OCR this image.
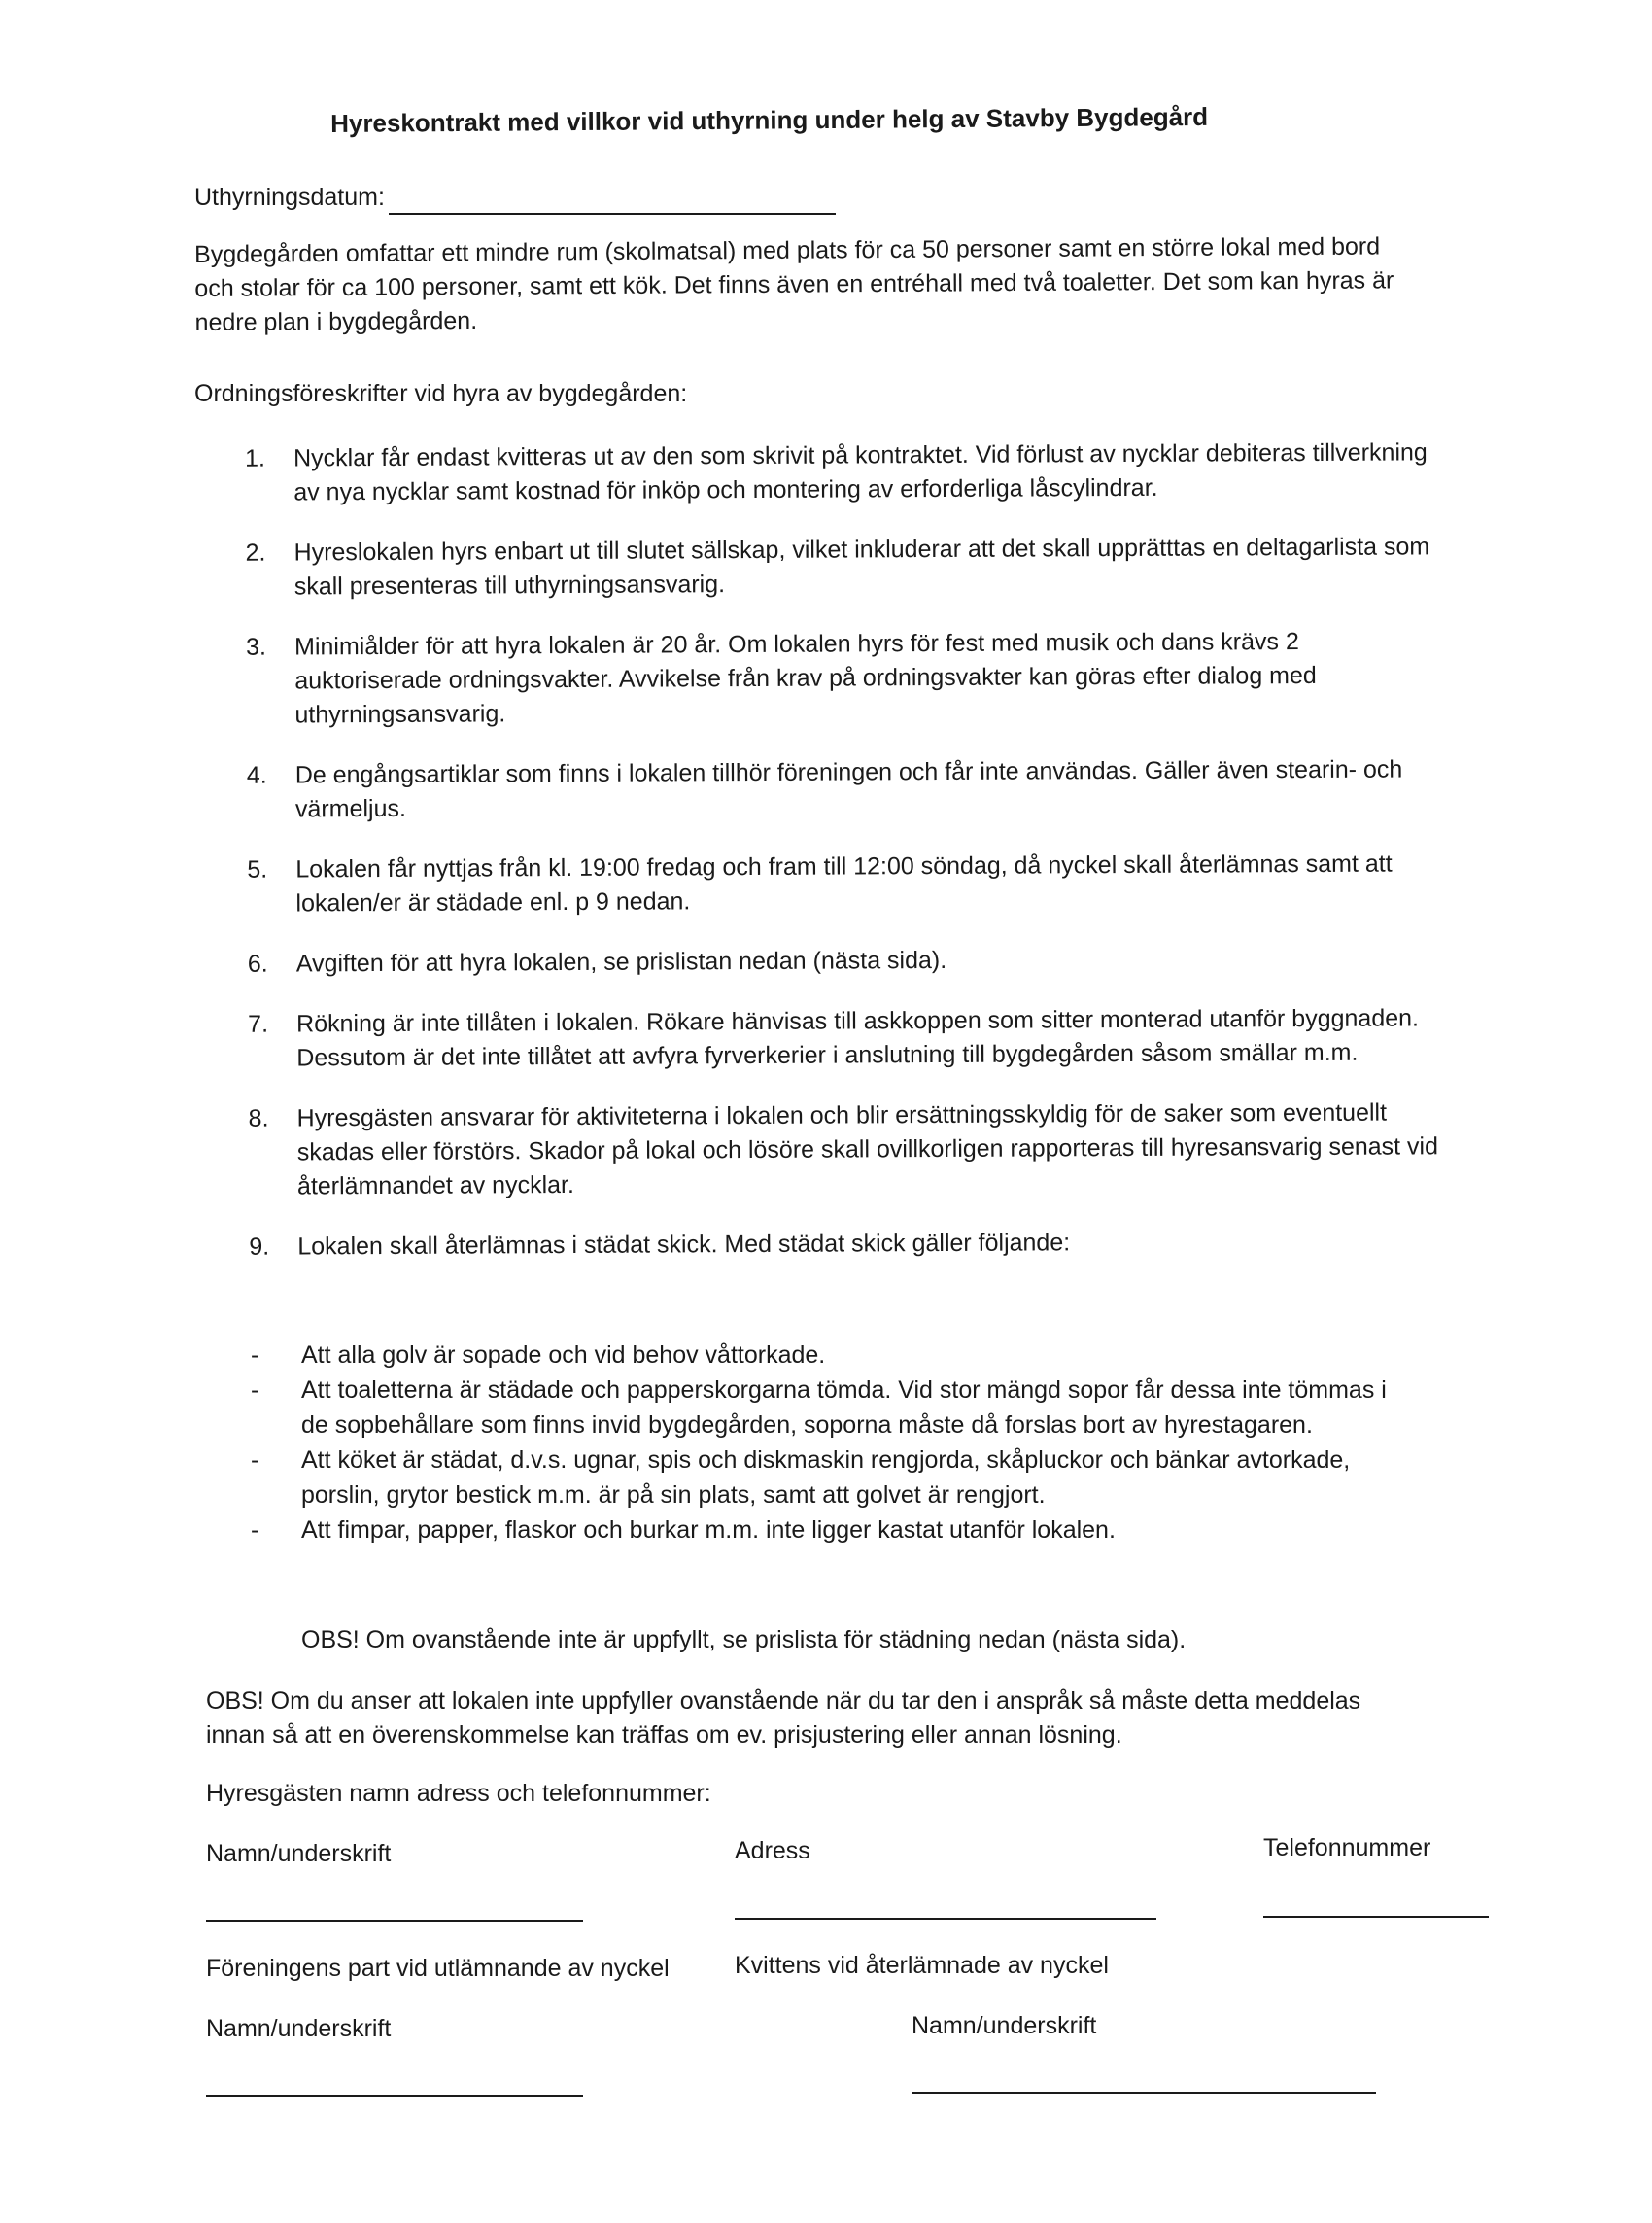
Hyreskontrakt med villkor vid uthyrning under helg av Stavby Bygdegård
Uthyrningsdatum:
Bygdegården omfattar ett mindre rum (skolmatsal) med plats för ca 50 personer samt en större lokal med bord och stolar för ca 100 personer, samt ett kök. Det finns även en entréhall med två toaletter. Det som kan hyras är nedre plan i bygdegården.
Ordningsföreskrifter vid hyra av bygdegården:
1.	Nycklar får endast kvitteras ut av den som skrivit på kontraktet. Vid förlust av nycklar debiteras tillverkning av nya nycklar samt kostnad för inköp och montering av erforderliga låscylindrar.
2.	Hyreslokalen hyrs enbart ut till slutet sällskap, vilket inkluderar att det skall upprätttas en deltagarlista som skall presenteras till uthyrningsansvarig.
3.	Minimiålder för att hyra lokalen är 20 år. Om lokalen hyrs för fest med musik och dans krävs 2 auktoriserade ordningsvakter. Avvikelse från krav på ordningsvakter kan göras efter dialog med uthyrningsansvarig.
4.	De engångsartiklar som finns i lokalen tillhör föreningen och får inte användas. Gäller även stearin- och värmeljus.
5.	Lokalen får nyttjas från kl. 19:00 fredag och fram till 12:00 söndag, då nyckel skall återlämnas samt att lokalen/er är städade enl. p 9 nedan.
6.	Avgiften för att hyra lokalen, se prislistan nedan (nästa sida).
7.	Rökning är inte tillåten i lokalen. Rökare hänvisas till askkoppen som sitter monterad utanför byggnaden. Dessutom är det inte tillåtet att avfyra fyrverkerier i anslutning till bygdegården såsom smällar m.m.
8.	Hyresgästen ansvarar för aktiviteterna i lokalen och blir ersättningsskyldig för de saker som eventuellt skadas eller förstörs. Skador på lokal och lösöre skall ovillkorligen rapporteras till hyresansvarig senast vid återlämnandet av nycklar.
9.	Lokalen skall återlämnas i städat skick. Med städat skick gäller följande:
-	Att alla golv är sopade och vid behov våttorkade.
-	Att toaletterna är städade och papperskorgarna tömda. Vid stor mängd sopor får dessa inte tömmas i de sopbehållare som finns invid bygdegården, soporna måste då forslas bort av hyrestagaren.
-	Att köket är städat, d.v.s. ugnar, spis och diskmaskin rengjorda, skåpluckor och bänkar avtorkade, porslin, grytor bestick m.m. är på sin plats, samt att golvet är rengjort.
-	Att fimpar, papper, flaskor och burkar m.m. inte ligger kastat utanför lokalen.
OBS! Om ovanstående inte är uppfyllt, se prislista för städning nedan (nästa sida).
OBS! Om du anser att lokalen inte uppfyller ovanstående när du tar den i anspråk så måste detta meddelas innan så att en överenskommelse kan träffas om ev. prisjustering eller annan lösning.
Hyresgästen namn adress och telefonnummer:
Namn/underskrift	Adress	Telefonnummer
Föreningens part vid utlämnande av nyckel	Kvittens vid återlämnade av nyckel
Namn/underskrift	Namn/underskrift
